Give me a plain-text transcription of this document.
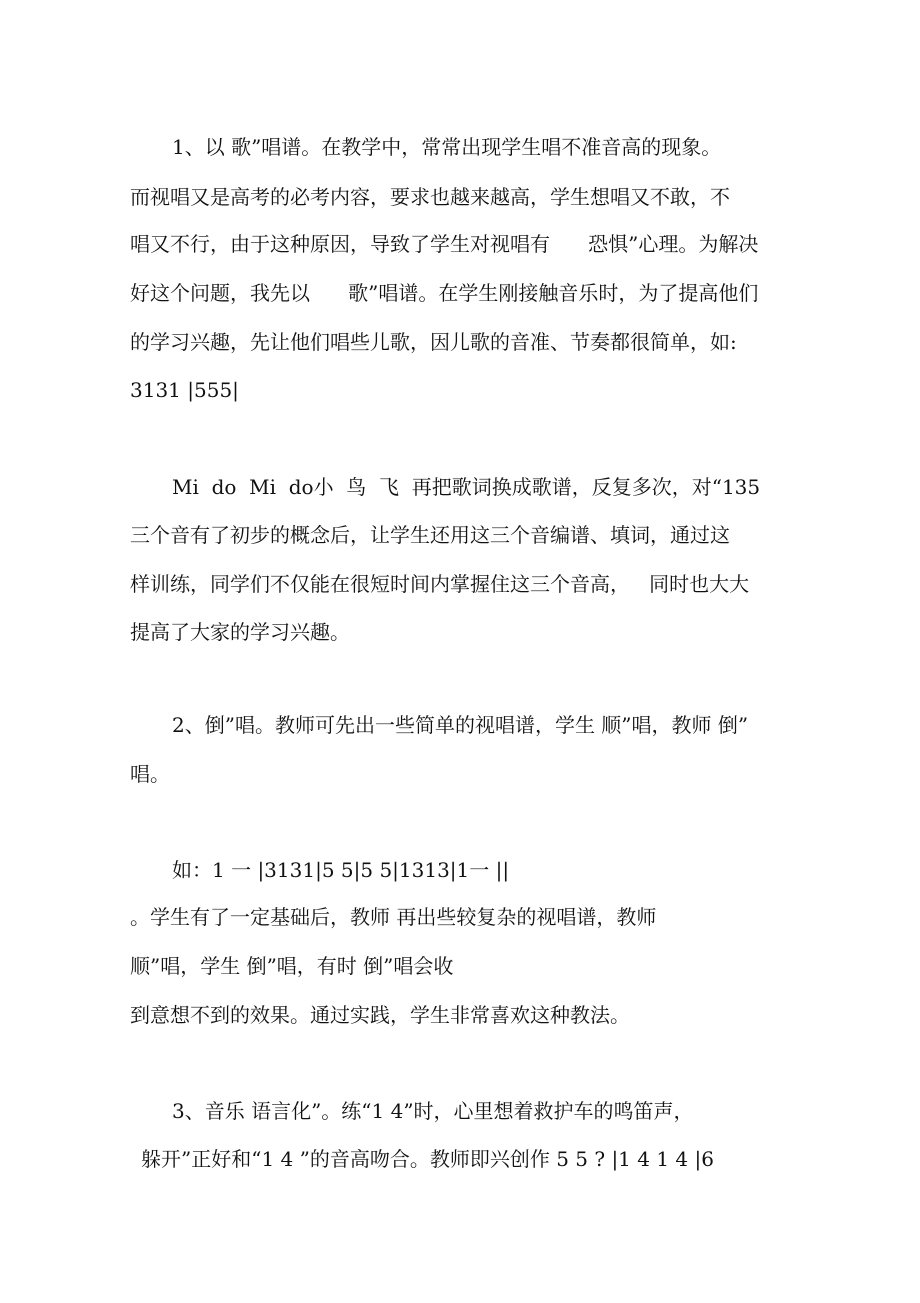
1、以 歌”唱谱。在教学中，常常出现学生唱不准音高的现象。
而视唱又是高考的必考内容，要求也越来越高，学生想唱又不敢，不
唱又不行，由于这种原因，导致了学生对视唱有      恐惧”心理。为解决
好这个问题，我先以      歌”唱谱。在学生刚接触音乐时，为了提高他们
的学习兴趣，先让他们唱些儿歌，因儿歌的音准、节奏都很简单，如:
3131 |555|
Mi  do  Mi  do小  鸟  飞  再把歌词换成歌谱，反复多次，对“135
三个音有了初步的概念后，让学生还用这三个音编谱、填词，通过这
样训练，同学们不仅能在很短时间内掌握住这三个音高，   同时也大大
提高了大家的学习兴趣。
2、倒”唱。教师可先出一些简单的视唱谱，学生 顺”唱，教师 倒”
唱。
如：1 一 |3131|5 5|5 5|1313|1一 ||
。学生有了一定基础后，教师 再出些较复杂的视唱谱，教师
顺”唱，学生 倒”唱，有时 倒”唱会收
到意想不到的效果。通过实践，学生非常喜欢这种教法。
3、音乐 语言化”。练“1 4”时，心里想着救护车的鸣笛声，
躲开”正好和“1 4 ”的音高吻合。教师即兴创作 5 5 ? |1 4 1 4 |6
